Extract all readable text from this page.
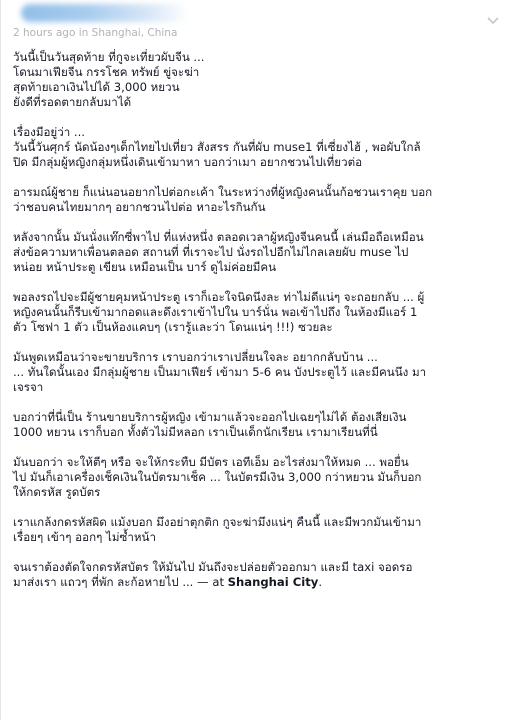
2 hours ago in Shanghai, China
วันนี้เป็นวันสุดท้าย ที่กูจะเที่ยวผับจีน ...
โดนมาเฟียจีน กรรโชค ทรัพย์ ขู่จะฆ่า
สุดท้ายเอาเงินไปได้ 3,000 หยวน
ยังดีที่รอดตายกลับมาได้
เรื่องมีอยู่ว่า ...
วันนี้วันศุกร์ นัดน้องๆเด็กไทยไปเที่ยว สังสรร กันที่ผับ muse1 ที่เซี่ยงไฮ้ , พอผับใกล้
ปิด มีกลุ่มผู้หญิงกลุ่มหนึ่งเดินเข้ามาหา บอกว่าเมา อยากชวนไปเที่ยวต่อ
อารมณ์ผู้ชาย ก็แน่นอนอยากไปต่อกะเค้า ในระหว่างที่ผู้หญิงคนนั้นก้อชวนเราคุย บอก
ว่าชอบคนไทยมากๆ อยากชวนไปต่อ หาอะไรกินกัน
หลังจากนั้น มันนั่งแท๊กซี่พาไป ที่แห่งหนึ่ง ตลอดเวลาผู้หญิงจีนคนนี้ เล่นมือถือเหมือน
ส่งข้อความหาเพื่อนตลอด สถานที่ ที่เราจะไป นั่งรถไปอีกไม่ไกลเลยผับ muse ไป
หน่อย หน้าประตู เขียน เหมือนเป็น บาร์ ดูไม่ค่อยมีคน
พอลงรถไปจะมีผู้ชายคุมหน้าประตู เราก็เอะใจนิดนึงละ ท่าไม่ดีแน่ๆ จะถอยกลับ ... ผู้
หญิงคนนั้นก็รีบเข้ามากอดและดึงเราเข้าไปใน บาร์นั่น พอเข้าไปถึง ในห้องมีแอร์ 1
ตัว โซฟา 1 ตัว เป็นห้องแคบๆ (เรารู้และว่า โดนแน่ๆ !!!) ซวยละ
มันพูดเหมือนว่าจะขายบริการ เราบอกว่าเราเปลี่ยนใจละ อยากกลับบ้าน ...
... ทันใดนั้นเอง มีกลุ่มผู้ชาย เป็นมาเฟียร์ เข้ามา 5-6 คน บังประตูไว้ และมีคนนึง มา
เจรจา
บอกว่าที่นี่เป็น ร้านขายบริการผู้หญิง เข้ามาแล้วจะออกไปเฉยๆไม่ได้ ต้องเสียเงิน
1000 หยวน เราก็บอก ทั้งตัวไม่มีหลอก เราเป็นเด็กนักเรียน เรามาเรียนที่นี่
มันบอกว่า จะให้ตีๆ หรือ จะให้กระทืบ มีบัตร เอทีเอ็ม อะไรส่งมาให้หมด ... พอยื่น
ไป มันก็เอาเครื่องเช็คเงินในบัตรมาเช็ค ... ในบัตรมีเงิน 3,000 กว่าหยวน มันก็บอก
ให้กดรหัส รูดบัตร
เราแกล้งกดรหัสผิด แม้งบอก มึงอย่าตุกติก กูจะฆ่ามึงแน่ๆ คืนนี้ และมีพวกมันเข้ามา
เรื่อยๆ เข้าๆ ออกๆ ไม่ซ้ำหน้า
จนเราต้องตัดใจกดรหัสบัตร ให้มันไป มันถึงจะปล่อยตัวออกมา และมี taxi จอดรอ
มาส่งเรา แถวๆ ที่พัก ละก้อหายไป ... — at Shanghai City.
